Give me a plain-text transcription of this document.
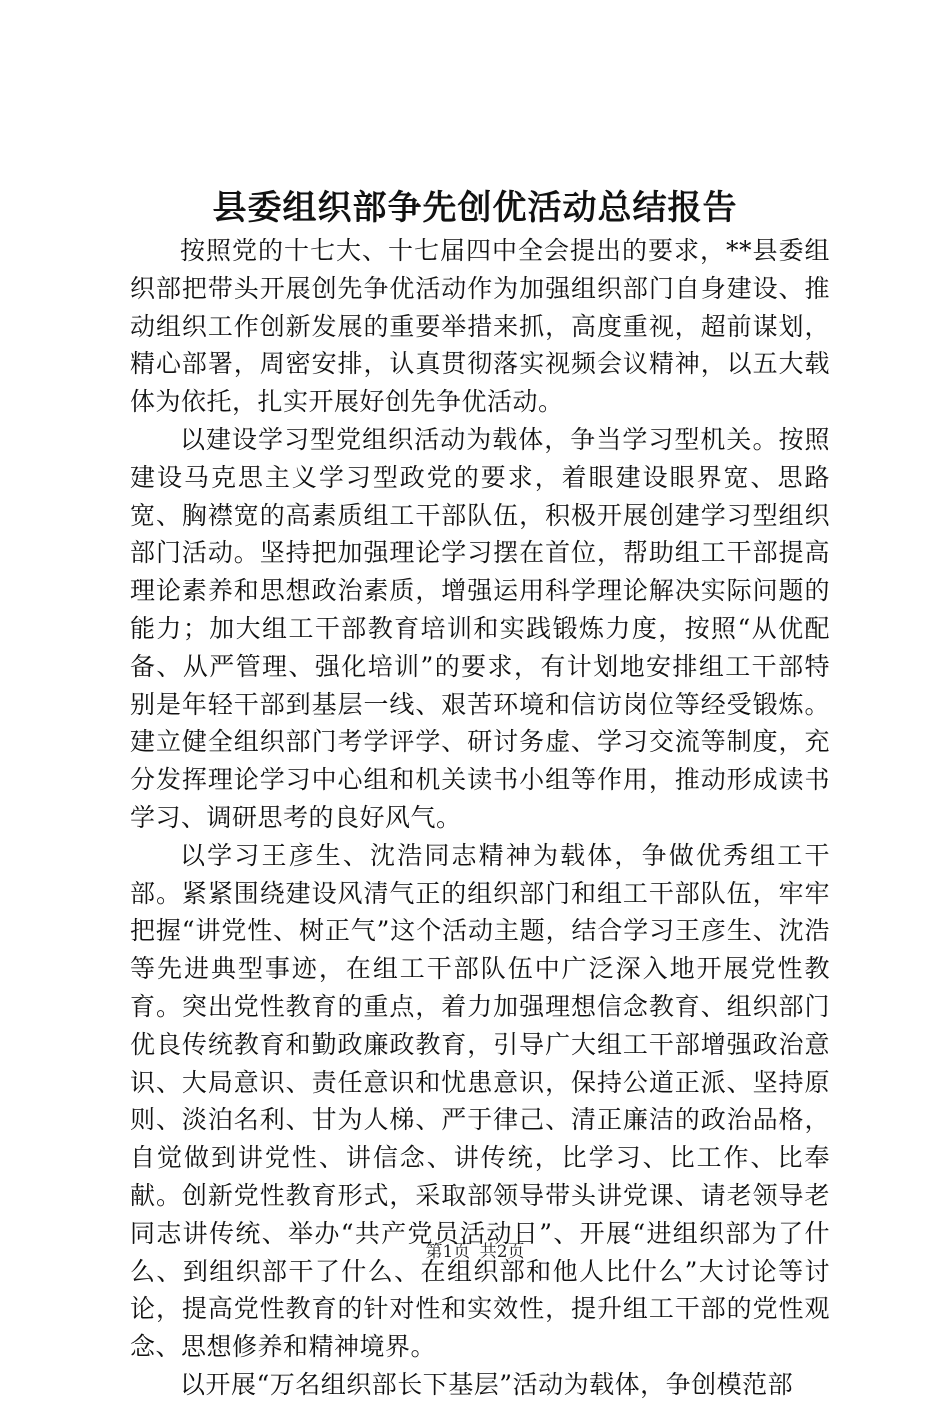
县委组织部争先创优活动总结报告

按照党的十七大、十七届四中全会提出的要求，**县委组织部把带头开展创先争优活动作为加强组织部门自身建设、推动组织工作创新发展的重要举措来抓，高度重视，超前谋划，精心部署，周密安排，认真贯彻落实视频会议精神，以五大载体为依托，扎实开展好创先争优活动。

以建设学习型党组织活动为载体，争当学习型机关。按照建设马克思主义学习型政党的要求，着眼建设眼界宽、思路宽、胸襟宽的高素质组工干部队伍，积极开展创建学习型组织部门活动。坚持把加强理论学习摆在首位，帮助组工干部提高理论素养和思想政治素质，增强运用科学理论解决实际问题的能力；加大组工干部教育培训和实践锻炼力度，按照“从优配备、从严管理、强化培训”的要求，有计划地安排组工干部特别是年轻干部到基层一线、艰苦环境和信访岗位等经受锻炼。建立健全组织部门考学评学、研讨务虚、学习交流等制度，充分发挥理论学习中心组和机关读书小组等作用，推动形成读书学习、调研思考的良好风气。

以学习王彦生、沈浩同志精神为载体，争做优秀组工干部。紧紧围绕建设风清气正的组织部门和组工干部队伍，牢牢把握“讲党性、树正气”这个活动主题，结合学习王彦生、沈浩等先进典型事迹，在组工干部队伍中广泛深入地开展党性教育。突出党性教育的重点，着力加强理想信念教育、组织部门优良传统教育和勤政廉政教育，引导广大组工干部增强政治意识、大局意识、责任意识和忧患意识，保持公道正派、坚持原则、淡泊名利、甘为人梯、严于律己、清正廉洁的政治品格，自觉做到讲党性、讲信念、讲传统，比学习、比工作、比奉献。创新党性教育形式，采取部领导带头讲党课、请老领导老同志讲传统、举办“共产党员活动日”、开展“进组织部为了什么、到组织部干了什么、在组织部和他人比什么”大讨论等讨论，提高党性教育的针对性和实效性，提升组工干部的党性观念、思想修养和精神境界。

以开展“万名组织部长下基层”活动为载体，争创模范部

第1页 共2页
